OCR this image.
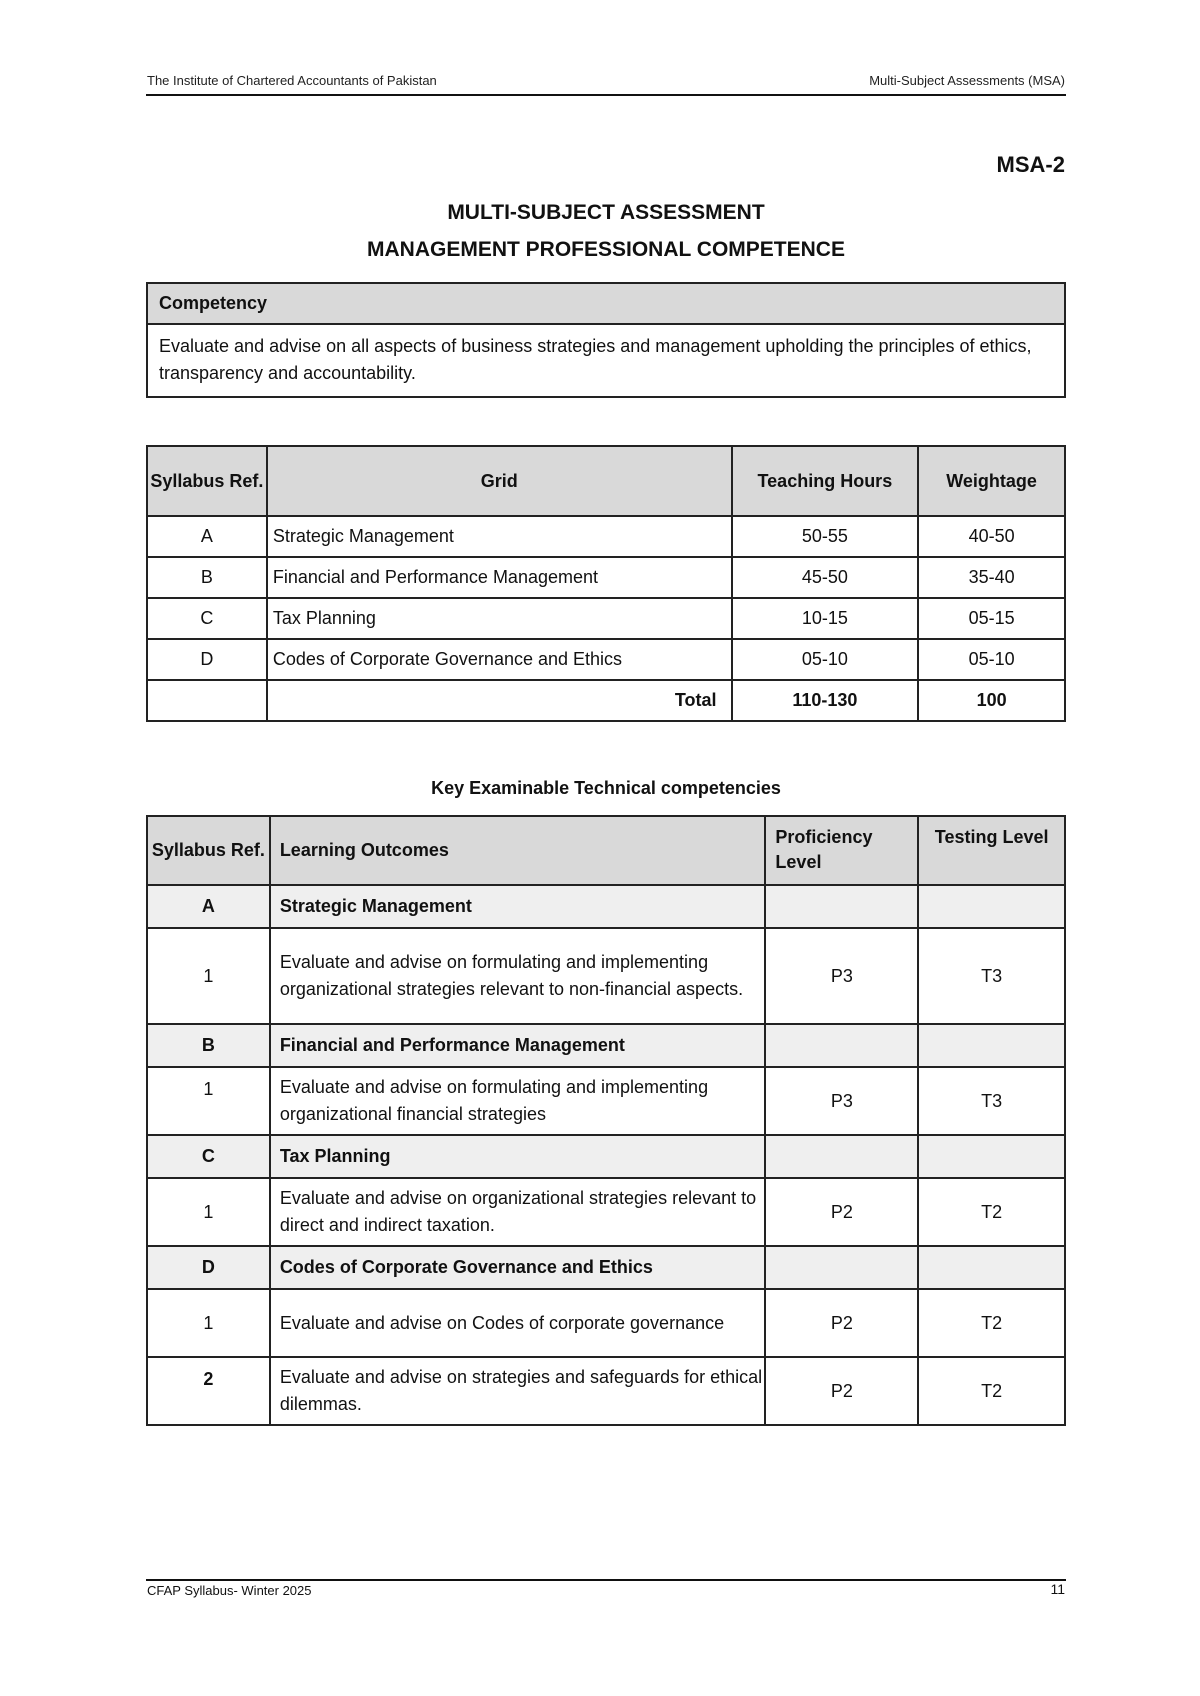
The Institute of Chartered Accountants of Pakistan	Multi-Subject Assessments (MSA)
MSA-2
MULTI-SUBJECT ASSESSMENT
MANAGEMENT PROFESSIONAL COMPETENCE
Competency
Evaluate and advise on all aspects of business strategies and management upholding the principles of ethics, transparency and accountability.
Syllabus Ref.	Grid	Teaching Hours	Weightage
A	Strategic Management	50-55	40-50
B	Financial and Performance Management	45-50	35-40
C	Tax Planning	10-15	05-15
D	Codes of Corporate Governance and Ethics	05-10	05-10
	Total	110-130	100
Key Examinable Technical competencies
Syllabus Ref.	Learning Outcomes	Proficiency Level	Testing Level
A	Strategic Management		
1	Evaluate and advise on formulating and implementing organizational strategies relevant to non-financial aspects.	P3	T3
B	Financial and Performance Management		
1	Evaluate and advise on formulating and implementing organizational financial strategies	P3	T3
C	Tax Planning		
1	Evaluate and advise on organizational strategies relevant to direct and indirect taxation.	P2	T2
D	Codes of Corporate Governance and Ethics		
1	Evaluate and advise on Codes of corporate governance	P2	T2
2	Evaluate and advise on strategies and safeguards for ethical dilemmas.	P2	T2
CFAP Syllabus- Winter 2025	11
